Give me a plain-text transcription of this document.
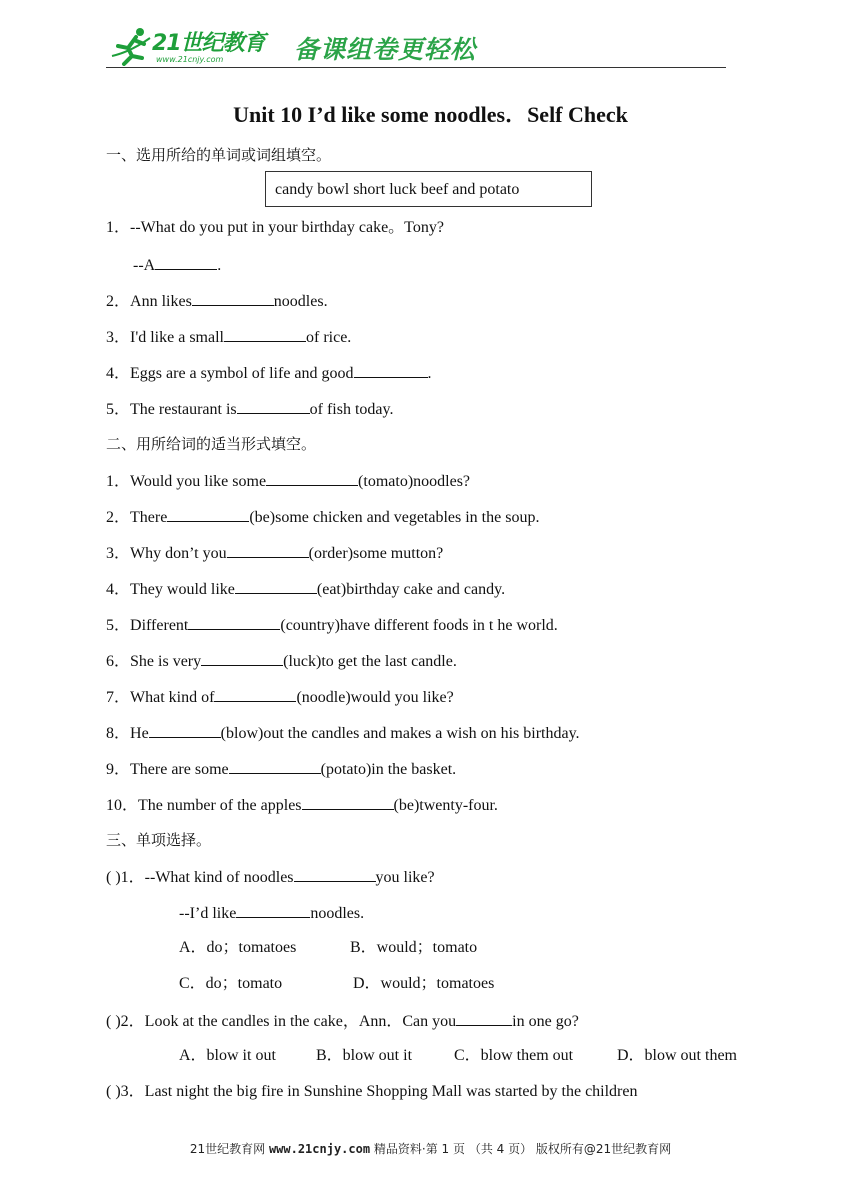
21世纪教育
www.21cnjy.com	备课组卷更轻松
Unit 10 I’d like some noodles．Self Check
一、选用所给的单词或词组填空。
candy bowl short luck beef and potato
1．--What do you put in your birthday cake。Tony?
--A	.
2．Ann likes	noodles.
3．I'd like a small	of rice.
4．Eggs are a symbol of life and good	.
5．The restaurant is	of fish today.
二、用所给词的适当形式填空。
1．Would you like some	(tomato)noodles?
2．There	(be)some chicken and vegetables in the soup.
3．Why don’t you	(order)some mutton?
4．They would like	(eat)birthday cake and candy.
5．Different	(country)have different foods in t he world.
6．She is very	(luck)to get the last candle.
7．What kind of	(noodle)would you like?
8．He	(blow)out the candles and makes a wish on his birthday.
9．There are some	(potato)in the basket.
10．The number of the apples	(be)twenty-four.
三、单项选择。
( )1．--What kind of noodles	you like?
--I’d like	noodles.
A．do；tomatoes	B．would；tomato
C．do；tomato	D．would；tomatoes
( )2．Look at the candles in the cake，Ann．Can you	in one go?
A．blow it out	B．blow out it	C．blow them out	D．blow out them
( )3．Last night the big fire in Sunshine Shopping Mall was started by the children
21世纪教育网 www.21cnjy.com 精品资料·第 1 页 （共 4 页） 版权所有@21世纪教育网
